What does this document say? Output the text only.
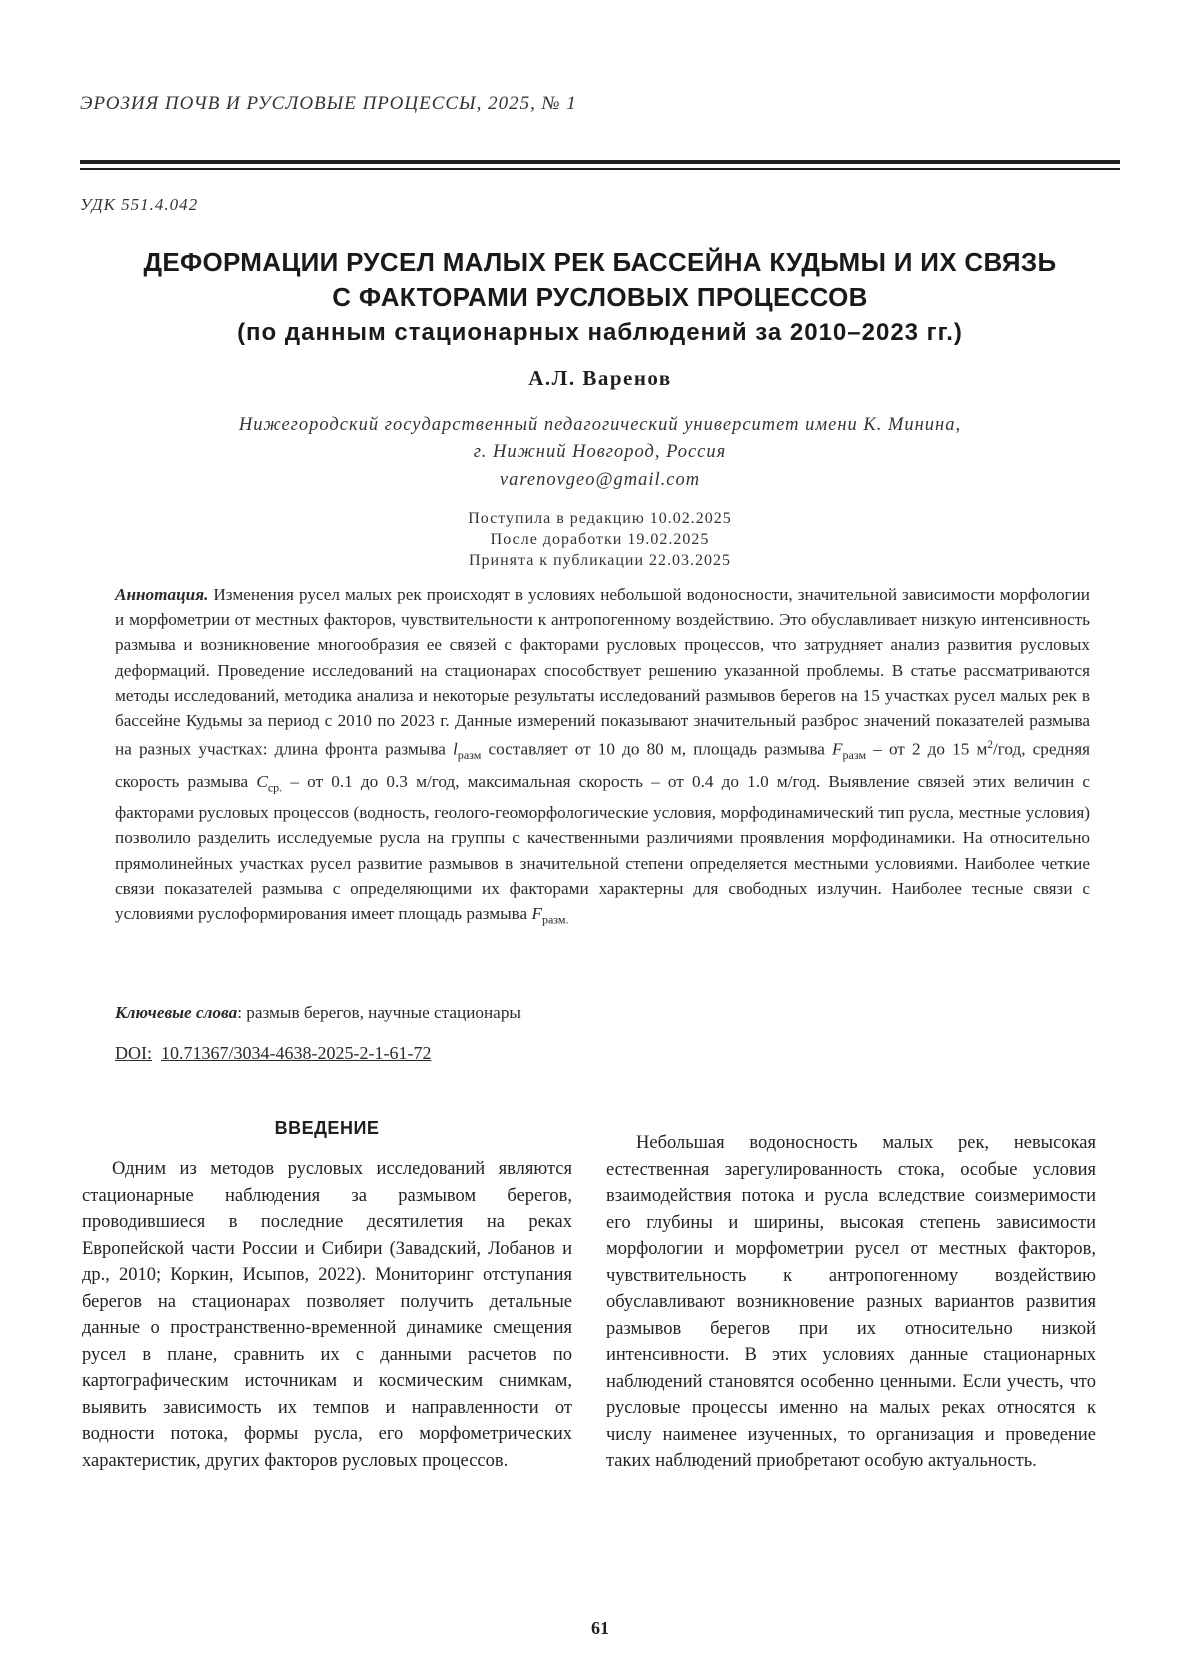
ЭРОЗИЯ ПОЧВ И РУСЛОВЫЕ ПРОЦЕССЫ, 2025, № 1
УДК 551.4.042
ДЕФОРМАЦИИ РУСЕЛ МАЛЫХ РЕК БАССЕЙНА КУДЬМЫ И ИХ СВЯЗЬ
С ФАКТОРАМИ РУСЛОВЫХ ПРОЦЕССОВ
(по данным стационарных наблюдений за 2010–2023 гг.)
А.Л. Варенов
Нижегородский государственный педагогический университет имени К. Минина,
г. Нижний Новгород, Россия
varenovgeo@gmail.com
Поступила в редакцию 10.02.2025
После доработки 19.02.2025
Принята к публикации 22.03.2025
Аннотация. Изменения русел малых рек происходят в условиях небольшой водоносности, значительной зависимости морфологии и морфометрии от местных факторов, чувствительности к антропогенному воздействию. Это обуславливает низкую интенсивность размыва и возникновение многообразия ее связей с факторами русловых процессов, что затрудняет анализ развития русловых деформаций. Проведение исследований на стационарах способствует решению указанной проблемы. В статье рассматриваются методы исследований, методика анализа и некоторые результаты исследований размывов берегов на 15 участках русел малых рек в бассейне Кудьмы за период с 2010 по 2023 г. Данные измерений показывают значительный разброс значений показателей размыва на разных участках: длина фронта размыва $l_{разм}$ составляет от 10 до 80 м, площадь размыва $F_{разм}$ – от 2 до 15 $м^2$/год, средняя скорость размыва $C_{ср.}$ – от 0.1 до 0.3 м/год, максимальная скорость – от 0.4 до 1.0 м/год. Выявление связей этих величин с факторами русловых процессов (водность, геолого-геоморфологические условия, морфодинамический тип русла, местные условия) позволило разделить исследуемые русла на группы с качественными различиями проявления морфодинамики. На относительно прямолинейных участках русел развитие размывов в значительной степени определяется местными условиями. Наиболее четкие связи показателей размыва с определяющими их факторами характерны для свободных излучин. Наиболее тесные связи с условиями руслоформирования имеет площадь размыва $F_{разм.}$
Ключевые слова: размыв берегов, научные стационары
DOI: 10.71367/3034-4638-2025-2-1-61-72
ВВЕДЕНИЕ

Одним из методов русловых исследований являются стационарные наблюдения за размывом берегов, проводившиеся в последние десятилетия на реках Европейской части России и Сибири (Завадский, Лобанов и др., 2010; Коркин, Исыпов, 2022). Мониторинг отступания берегов на стационарах позволяет получить детальные данные о пространственно-временной динамике смещения русел в плане, сравнить их с данными расчетов по картографическим источникам и космическим снимкам, выявить зависимость их темпов и направленности от водности потока, формы русла, его морфометрических характеристик, других факторов русловых процессов.

Небольшая водоносность малых рек, невысокая естественная зарегулированность стока, особые условия взаимодействия потока и русла вследствие соизмеримости его глубины и ширины, высокая степень зависимости морфологии и морфометрии русел от местных факторов, чувствительность к антропогенному воздействию обуславливают возникновение разных вариантов развития размывов берегов при их относительно низкой интенсивности. В этих условиях данные стационарных наблюдений становятся особенно ценными. Если учесть, что русловые процессы именно на малых реках относятся к числу наименее изученных, то организация и проведение таких наблюдений приобретают особую актуальность.

61
